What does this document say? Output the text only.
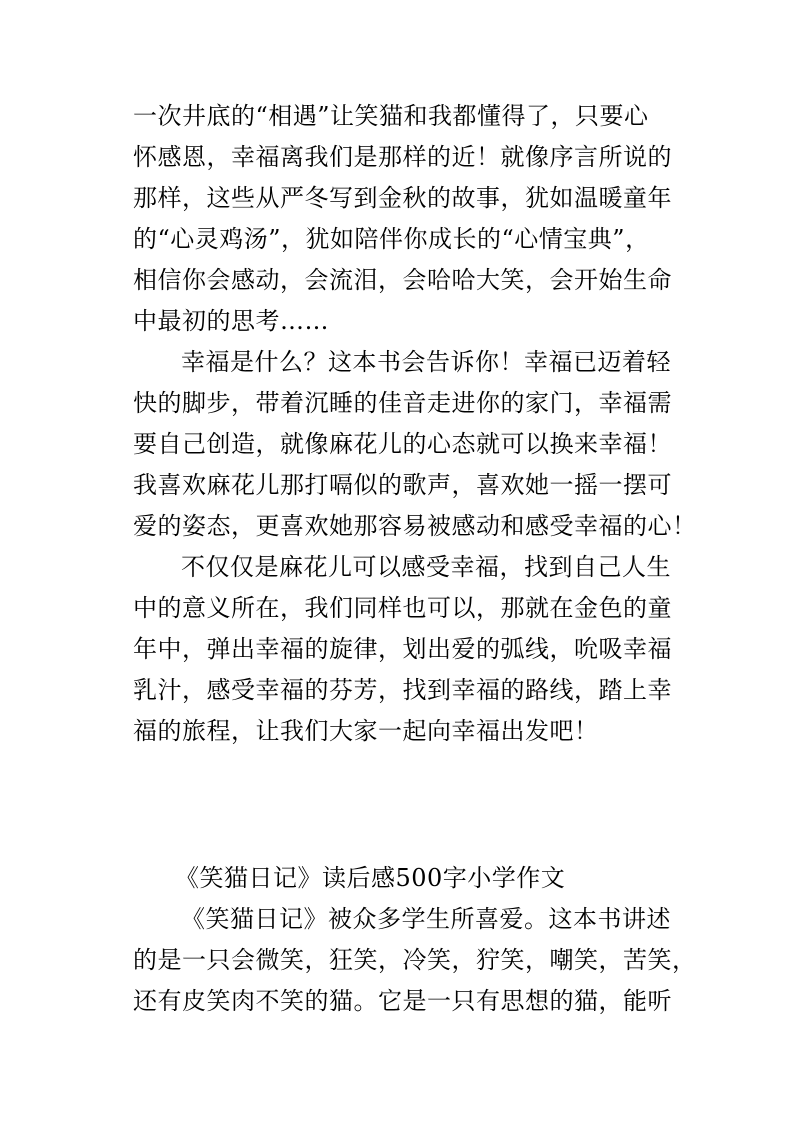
一次井底的“相遇”让笑猫和我都懂得了，只要心
怀感恩，幸福离我们是那样的近！就像序言所说的
那样，这些从严冬写到金秋的故事，犹如温暖童年
的“心灵鸡汤”，犹如陪伴你成长的“心情宝典”，
相信你会感动，会流泪，会哈哈大笑，会开始生命
中最初的思考……
幸福是什么？这本书会告诉你！幸福已迈着轻
快的脚步，带着沉睡的佳音走进你的家门，幸福需
要自己创造，就像麻花儿的心态就可以换来幸福！
我喜欢麻花儿那打嗝似的歌声，喜欢她一摇一摆可
爱的姿态，更喜欢她那容易被感动和感受幸福的心！
不仅仅是麻花儿可以感受幸福，找到自己人生
中的意义所在，我们同样也可以，那就在金色的童
年中，弹出幸福的旋律，划出爱的弧线，吮吸幸福
乳汁，感受幸福的芬芳，找到幸福的路线，踏上幸
福的旅程，让我们大家一起向幸福出发吧！
《笑猫日记》读后感500字小学作文
《笑猫日记》被众多学生所喜爱。这本书讲述
的是一只会微笑，狂笑，冷笑，狞笑，嘲笑，苦笑，
还有皮笑肉不笑的猫。它是一只有思想的猫，能听
